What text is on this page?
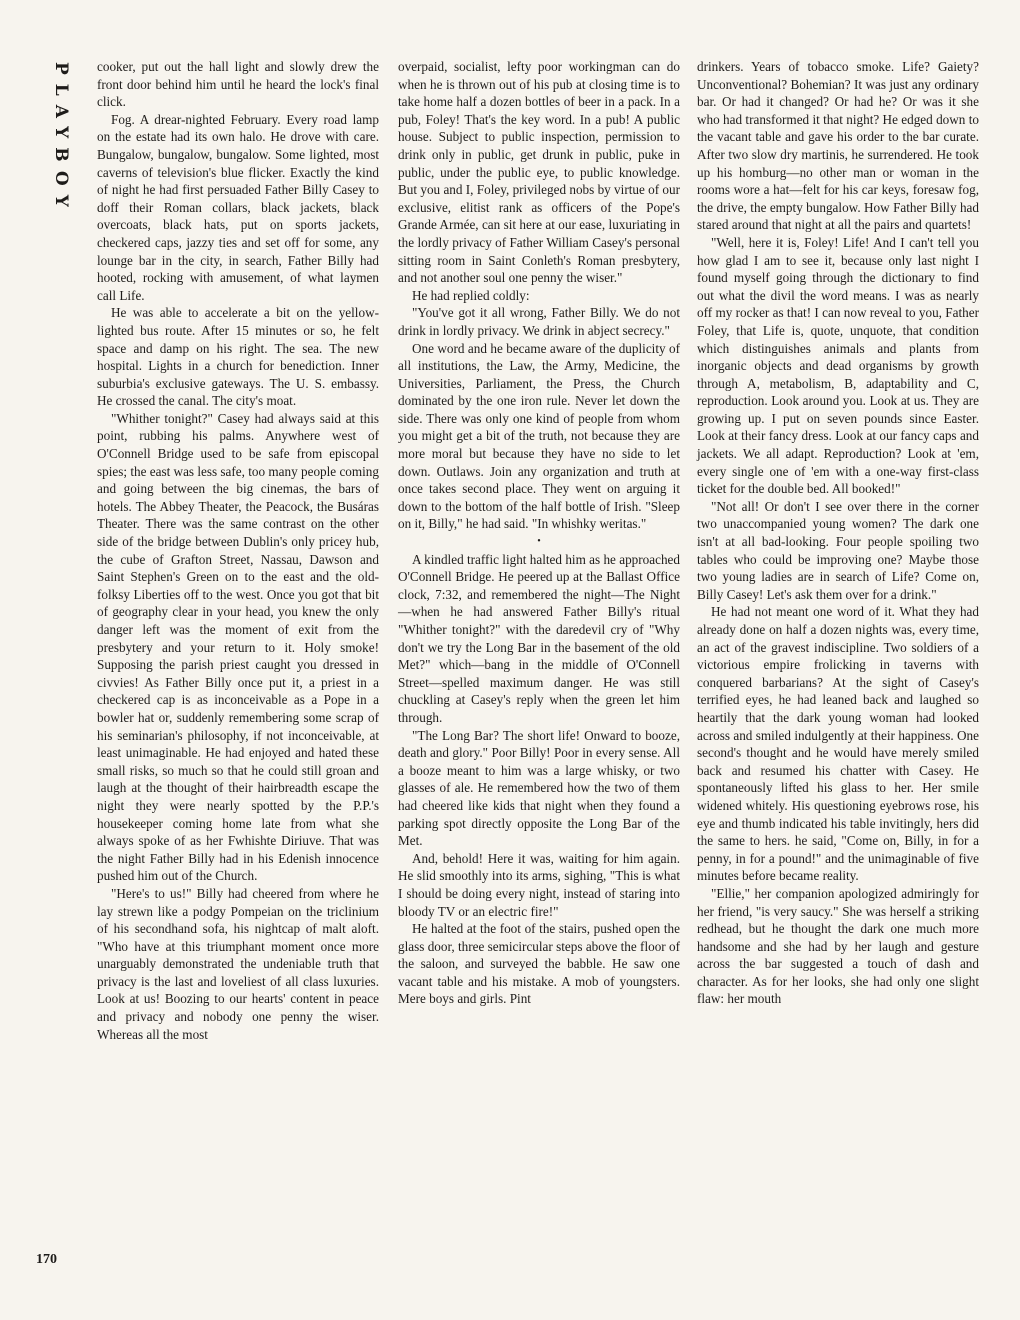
PLAYBOY
170

cooker, put out the hall light and slowly drew the front door behind him until he heard the lock's final click.

Fog. A drear-nighted February. Every road lamp on the estate had its own halo. He drove with care. Bungalow, bungalow, bungalow. Some lighted, most caverns of television's blue flicker. Exactly the kind of night he had first persuaded Father Billy Casey to doff their Roman collars, black jackets, black overcoats, black hats, put on sports jackets, checkered caps, jazzy ties and set off for some, any lounge bar in the city, in search, Father Billy had hooted, rocking with amusement, of what laymen call Life.

He was able to accelerate a bit on the yellow-lighted bus route. After 15 minutes or so, he felt space and damp on his right. The sea. The new hospital. Lights in a church for benediction. Inner suburbia's exclusive gateways. The U. S. embassy. He crossed the canal. The city's moat.

"Whither tonight?" Casey had always said at this point, rubbing his palms. Anywhere west of O'Connell Bridge used to be safe from episcopal spies; the east was less safe, too many people coming and going between the big cinemas, the bars of hotels. The Abbey Theater, the Peacock, the Busáras Theater. There was the same contrast on the other side of the bridge between Dublin's only pricey hub, the cube of Grafton Street, Nassau, Dawson and Saint Stephen's Green on to the east and the old-folksy Liberties off to the west. Once you got that bit of geography clear in your head, you knew the only danger left was the moment of exit from the presbytery and your return to it. Holy smoke! Supposing the parish priest caught you dressed in civvies! As Father Billy once put it, a priest in a checkered cap is as inconceivable as a Pope in a bowler hat or, suddenly remembering some scrap of his seminarian's philosophy, if not inconceivable, at least unimaginable. He had enjoyed and hated these small risks, so much so that he could still groan and laugh at the thought of their hairbreadth escape the night they were nearly spotted by the P.P.'s housekeeper coming home late from what she always spoke of as her Fwhishte Diriuve. That was the night Father Billy had in his Edenish innocence pushed him out of the Church.

"Here's to us!" Billy had cheered from where he lay strewn like a podgy Pompeian on the triclinium of his secondhand sofa, his nightcap of malt aloft. "Who have at this triumphant moment once more unarguably demonstrated the undeniable truth that privacy is the last and loveliest of all class luxuries. Look at us! Boozing to our hearts' content in peace and privacy and nobody one penny the wiser. Whereas all the most

overpaid, socialist, lefty poor workingman can do when he is thrown out of his pub at closing time is to take home half a dozen bottles of beer in a pack. In a pub, Foley! That's the key word. In a pub! A public house. Subject to public inspection, permission to drink only in public, get drunk in public, puke in public, under the public eye, to public knowledge. But you and I, Foley, privileged nobs by virtue of our exclusive, elitist rank as officers of the Pope's Grande Armée, can sit here at our ease, luxuriating in the lordly privacy of Father William Casey's personal sitting room in Saint Conleth's Roman presbytery, and not another soul one penny the wiser."

He had replied coldly:

"You've got it all wrong, Father Billy. We do not drink in lordly privacy. We drink in abject secrecy."

One word and he became aware of the duplicity of all institutions, the Law, the Army, Medicine, the Universities, Parliament, the Press, the Church dominated by the one iron rule. Never let down the side. There was only one kind of people from whom you might get a bit of the truth, not because they are more moral but because they have no side to let down. Outlaws. Join any organization and truth at once takes second place. They went on arguing it down to the bottom of the half bottle of Irish. "Sleep on it, Billy," he had said. "In whishky weritas."

•

A kindled traffic light halted him as he approached O'Connell Bridge. He peered up at the Ballast Office clock, 7:32, and remembered the night—The Night—when he had answered Father Billy's ritual "Whither tonight?" with the daredevil cry of "Why don't we try the Long Bar in the basement of the old Met?" which—bang in the middle of O'Connell Street—spelled maximum danger. He was still chuckling at Casey's reply when the green let him through.

"The Long Bar? The short life! Onward to booze, death and glory." Poor Billy! Poor in every sense. All a booze meant to him was a large whisky, or two glasses of ale. He remembered how the two of them had cheered like kids that night when they found a parking spot directly opposite the Long Bar of the Met.

And, behold! Here it was, waiting for him again. He slid smoothly into its arms, sighing, "This is what I should be doing every night, instead of staring into bloody TV or an electric fire!"

He halted at the foot of the stairs, pushed open the glass door, three semicircular steps above the floor of the saloon, and surveyed the babble. He saw one vacant table and his mistake. A mob of youngsters. Mere boys and girls. Pint

drinkers. Years of tobacco smoke. Life? Gaiety? Unconventional? Bohemian? It was just any ordinary bar. Or had it changed? Or had he? Or was it she who had transformed it that night? He edged down to the vacant table and gave his order to the bar curate. After two slow dry martinis, he surrendered. He took up his homburg—no other man or woman in the rooms wore a hat—felt for his car keys, foresaw fog, the drive, the empty bungalow. How Father Billy had stared around that night at all the pairs and quartets!

"Well, here it is, Foley! Life! And I can't tell you how glad I am to see it, because only last night I found myself going through the dictionary to find out what the divil the word means. I was as nearly off my rocker as that! I can now reveal to you, Father Foley, that Life is, quote, unquote, that condition which distinguishes animals and plants from inorganic objects and dead organisms by growth through A, metabolism, B, adaptability and C, reproduction. Look around you. Look at us. They are growing up. I put on seven pounds since Easter. Look at their fancy dress. Look at our fancy caps and jackets. We all adapt. Reproduction? Look at 'em, every single one of 'em with a one-way first-class ticket for the double bed. All booked!"

"Not all! Or don't I see over there in the corner two unaccompanied young women? The dark one isn't at all bad-looking. Four people spoiling two tables who could be improving one? Maybe those two young ladies are in search of Life? Come on, Billy Casey! Let's ask them over for a drink."

He had not meant one word of it. What they had already done on half a dozen nights was, every time, an act of the gravest indiscipline. Two soldiers of a victorious empire frolicking in taverns with conquered barbarians? At the sight of Casey's terrified eyes, he had leaned back and laughed so heartily that the dark young woman had looked across and smiled indulgently at their happiness. One second's thought and he would have merely smiled back and resumed his chatter with Casey. He spontaneously lifted his glass to her. Her smile widened whitely. His questioning eyebrows rose, his eye and thumb indicated his table invitingly, hers did the same to hers. he said, "Come on, Billy, in for a penny, in for a pound!" and the unimaginable of five minutes before became reality.

"Ellie," her companion apologized admiringly for her friend, "is very saucy." She was herself a striking redhead, but he thought the dark one much more handsome and she had by her laugh and gesture across the bar suggested a touch of dash and character. As for her looks, she had only one slight flaw: her mouth
